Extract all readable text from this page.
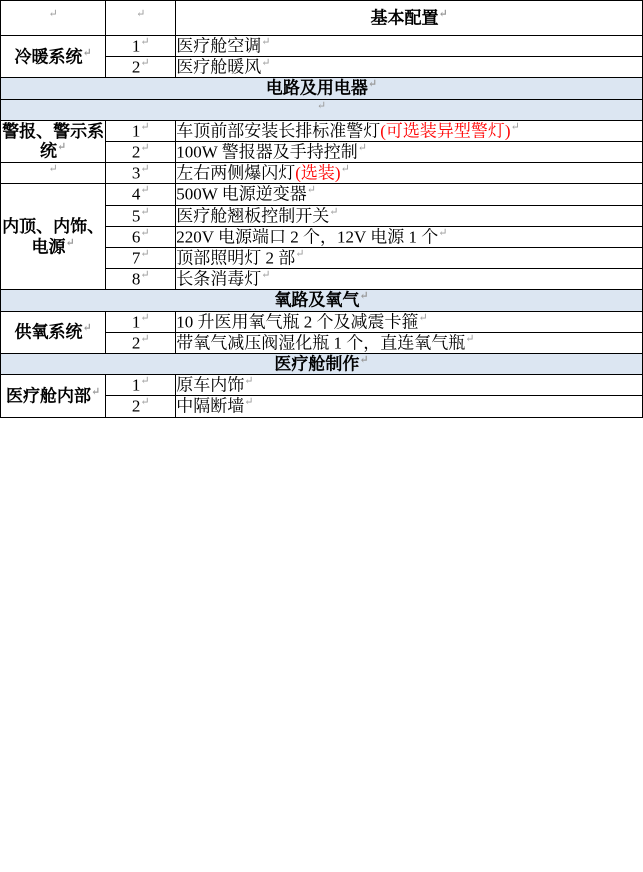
↵	↵	基本配置↵
冷暖系统↵	1↵	医疗舱空调↵
	2↵	医疗舱暖风↵
电路及用电器↵
↵
警报、警示系统↵	1↵	车顶前部安装长排标准警灯(可选装异型警灯)↵
	2↵	100W 警报器及手持控制↵
↵	3↵	左右两侧爆闪灯(选装)↵
内顶、内饰、电源↵	4↵	500W 电源逆变器↵
	5↵	医疗舱翘板控制开关↵
	6↵	220V 电源端口 2 个，12V 电源 1 个↵
	7↵	顶部照明灯 2 部↵
	8↵	长条消毒灯↵
氧路及氧气↵
供氧系统↵	1↵	10 升医用氧气瓶 2 个及减震卡箍↵
	2↵	带氧气减压阀湿化瓶 1 个，直连氧气瓶↵
医疗舱制作↵
医疗舱内部↵	1↵	原车内饰↵
	2↵	中隔断墙↵
